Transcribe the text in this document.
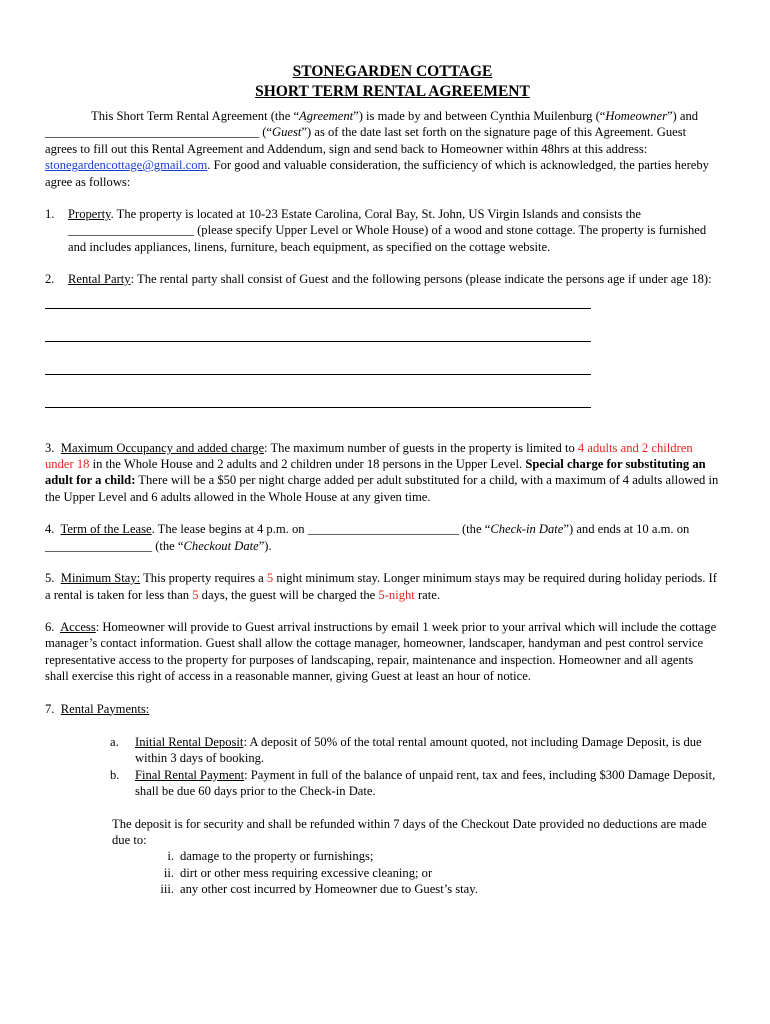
STONEGARDEN COTTAGE
SHORT TERM RENTAL AGREEMENT

This Short Term Rental Agreement (the “Agreement”) is made by and between Cynthia Muilenburg (“Homeowner”) and __________________________________ (“Guest”) as of the date last set forth on the signature page of this Agreement. Guest agrees to fill out this Rental Agreement and Addendum, sign and send back to Homeowner within 48hrs at this address: stonegardencottage@gmail.com. For good and valuable consideration, the sufficiency of which is acknowledged, the parties hereby agree as follows:

1.	Property. The property is located at 10-23 Estate Carolina, Coral Bay, St. John, US Virgin Islands and consists the ____________________ (please specify Upper Level or Whole House) of a wood and stone cottage. The property is furnished and includes appliances, linens, furniture, beach equipment, as specified on the cottage website.
2.	Rental Party: The rental party shall consist of Guest and the following persons (please indicate the persons age if under age 18):

3. Maximum Occupancy and added charge: The maximum number of guests in the property is limited to 4 adults and 2 children under 18 in the Whole House and 2 adults and 2 children under 18 persons in the Upper Level. Special charge for substituting an adult for a child: There will be a $50 per night charge added per adult substituted for a child, with a maximum of 4 adults allowed in the Upper Level and 6 adults allowed in the Whole House at any given time.

4. Term of the Lease. The lease begins at 4 p.m. on ________________________ (the “Check-in Date”) and ends at 10 a.m. on _________________ (the “Checkout Date”).

5. Minimum Stay: This property requires a 5 night minimum stay. Longer minimum stays may be required during holiday periods. If a rental is taken for less than 5 days, the guest will be charged the 5-night rate.

6. Access: Homeowner will provide to Guest arrival instructions by email 1 week prior to your arrival which will include the cottage manager’s contact information. Guest shall allow the cottage manager, homeowner, landscaper, handyman and pest control service representative access to the property for purposes of landscaping, repair, maintenance and inspection. Homeowner and all agents shall exercise this right of access in a reasonable manner, giving Guest at least an hour of notice.

7. Rental Payments:

a.	Initial Rental Deposit: A deposit of 50% of the total rental amount quoted, not including Damage Deposit, is due within 3 days of booking.
b.	Final Rental Payment: Payment in full of the balance of unpaid rent, tax and fees, including $300 Damage Deposit, shall be due 60 days prior to the Check-in Date.

The deposit is for security and shall be refunded within 7 days of the Checkout Date provided no deductions are made due to:

i. damage to the property or furnishings;
ii. dirt or other mess requiring excessive cleaning; or
iii. any other cost incurred by Homeowner due to Guest’s stay.
